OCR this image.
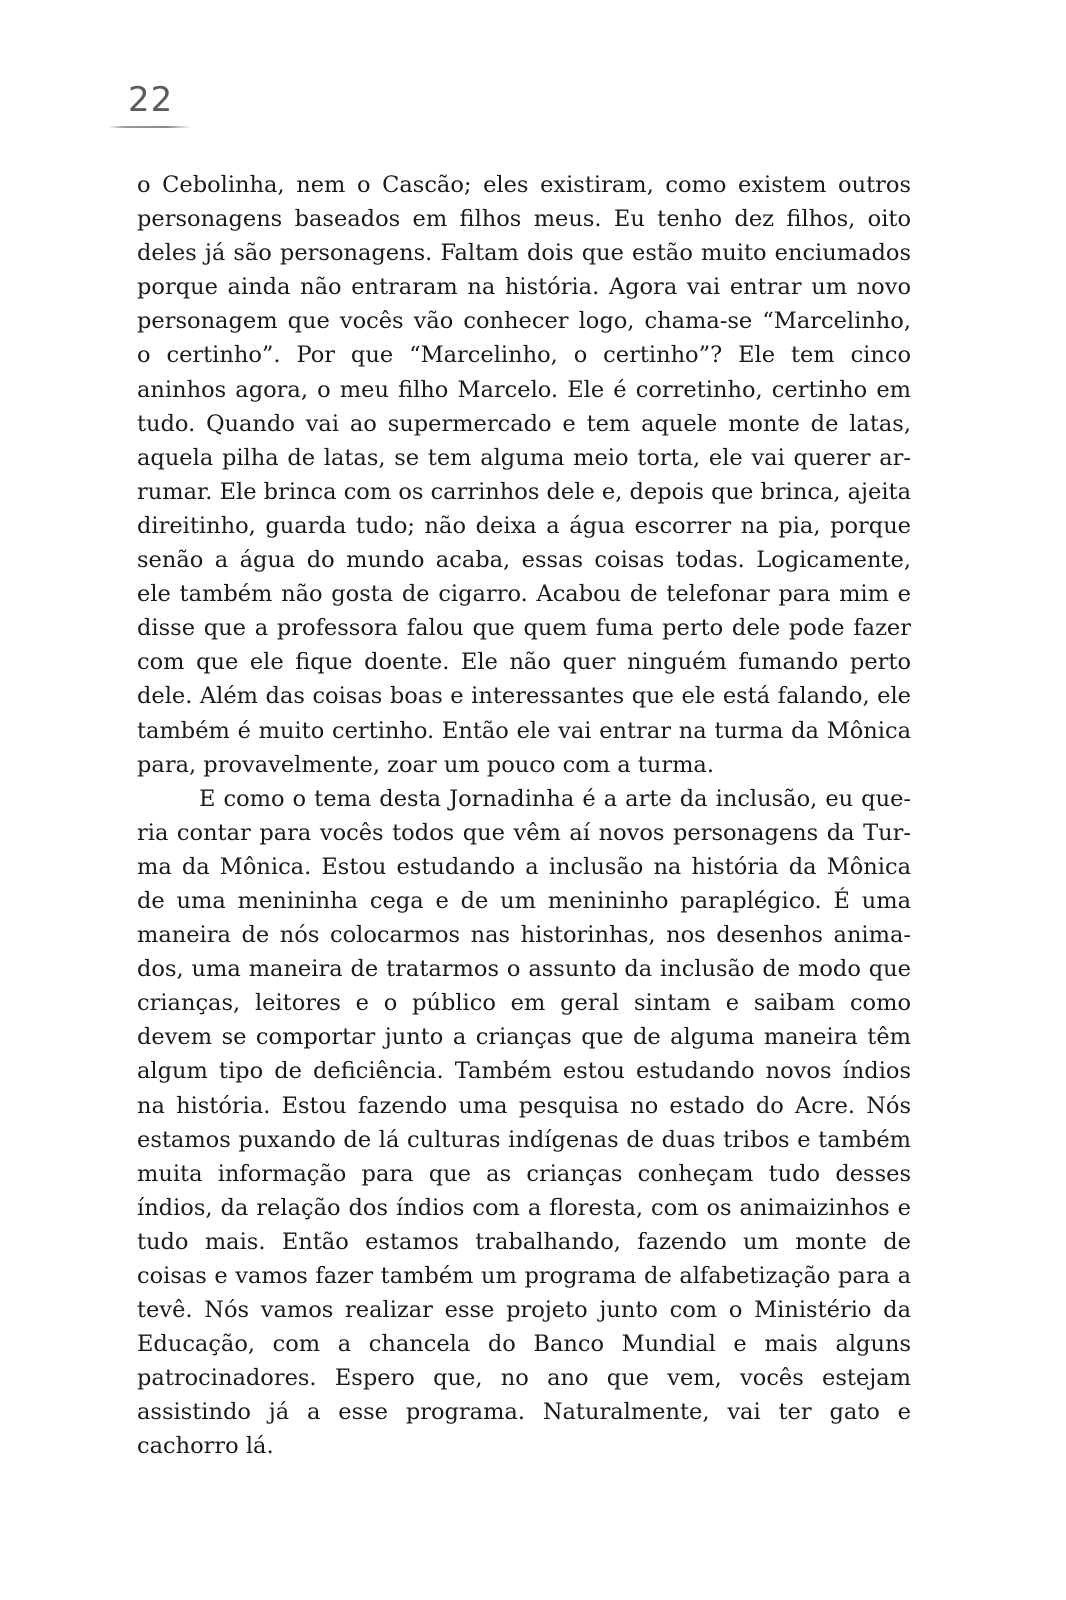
22

o Cebolinha, nem o Cascão; eles existiram, como existem outros personagens baseados em filhos meus. Eu tenho dez filhos, oito deles já são personagens. Faltam dois que estão muito enciumados porque ainda não entraram na história. Agora vai entrar um novo personagem que vocês vão conhecer logo, chama-se “Marcelinho, o certinho”. Por que “Marcelinho, o certinho”? Ele tem cinco aninhos agora, o meu filho Marcelo. Ele é corretinho, certinho em tudo. Quando vai ao supermercado e tem aquele monte de latas, aquela pilha de latas, se tem alguma meio torta, ele vai querer arrumar. Ele brinca com os carrinhos dele e, depois que brinca, ajeita direitinho, guarda tudo; não deixa a água escorrer na pia, porque senão a água do mundo acaba, essas coisas todas. Logicamente, ele também não gosta de cigarro. Acabou de telefonar para mim e disse que a professora falou que quem fuma perto dele pode fazer com que ele fique doente. Ele não quer ninguém fumando perto dele. Além das coisas boas e interessantes que ele está falando, ele também é muito certinho. Então ele vai entrar na turma da Mônica para, provavelmente, zoar um pouco com a turma.

E como o tema desta Jornadinha é a arte da inclusão, eu queria contar para vocês todos que vêm aí novos personagens da Turma da Mônica. Estou estudando a inclusão na história da Mônica de uma menininha cega e de um menininho paraplégico. É uma maneira de nós colocarmos nas historinhas, nos desenhos animados, uma maneira de tratarmos o assunto da inclusão de modo que crianças, leitores e o público em geral sintam e saibam como devem se comportar junto a crianças que de alguma maneira têm algum tipo de deficiência. Também estou estudando novos índios na história. Estou fazendo uma pesquisa no estado do Acre. Nós estamos puxando de lá culturas indígenas de duas tribos e também muita informação para que as crianças conheçam tudo desses índios, da relação dos índios com a floresta, com os animaizinhos e tudo mais. Então estamos trabalhando, fazendo um monte de coisas e vamos fazer também um programa de alfabetização para a tevê. Nós vamos realizar esse projeto junto com o Ministério da Educação, com a chancela do Banco Mundial e mais alguns patrocinadores. Espero que, no ano que vem, vocês estejam assistindo já a esse programa. Naturalmente, vai ter gato e cachorro lá.
